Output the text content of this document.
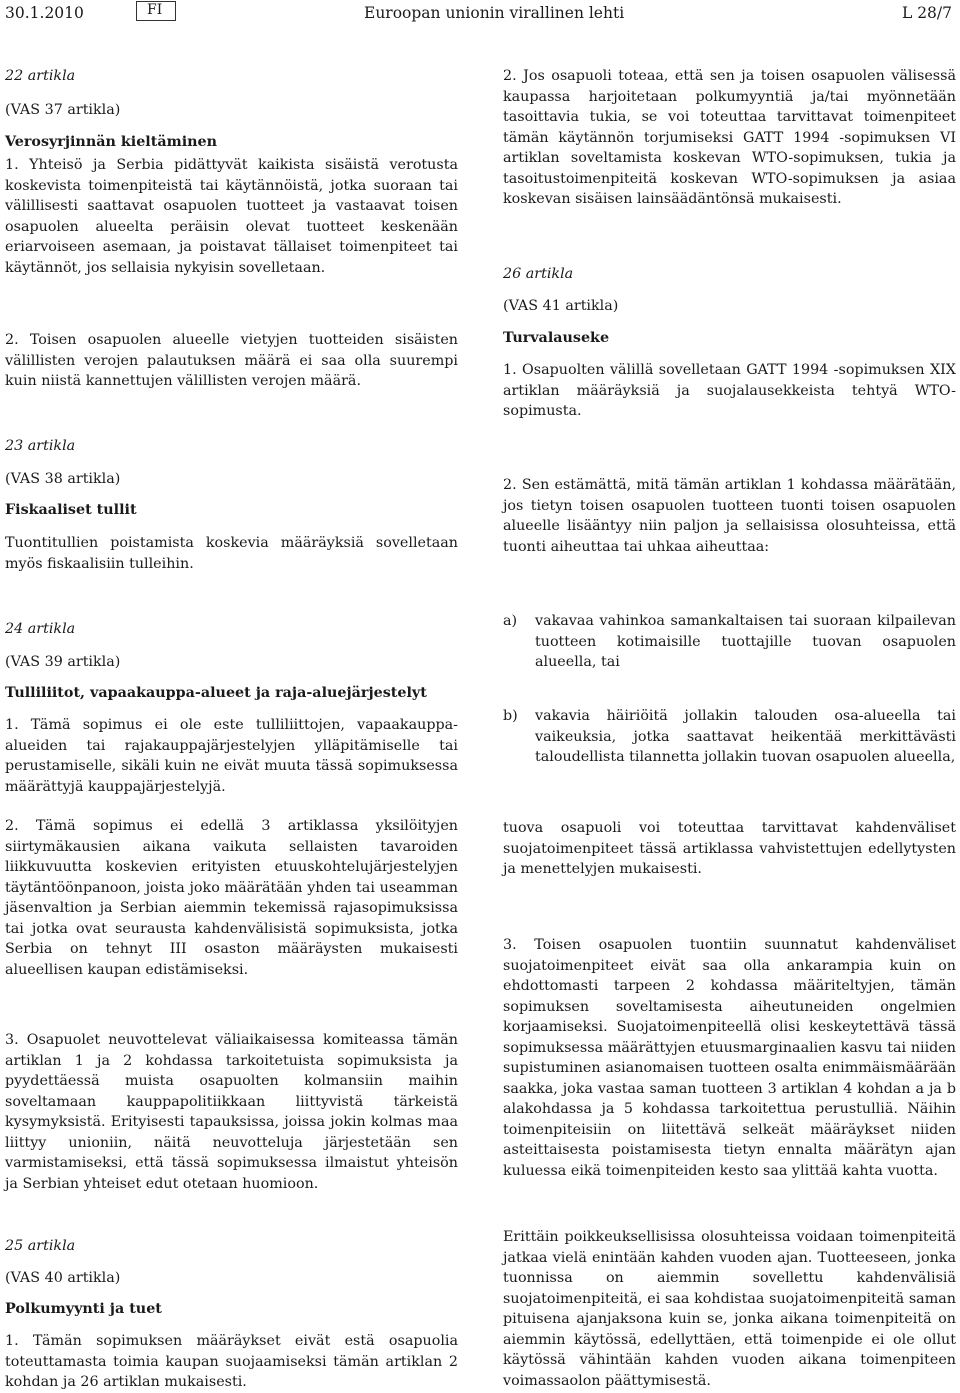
30.1.2010	FI	Euroopan unionin virallinen lehti	L 28/7

22 artikla

(VAS 37 artikla)

Verosyrjinnän kieltäminen

1. Yhteisö ja Serbia pidättyvät kaikista sisäistä verotusta koskevista toimenpiteistä tai käytännöistä, jotka suoraan tai välillisesti saattavat osapuolen tuotteet ja vastaavat toisen osapuolen alueelta peräisin olevat tuotteet keskenään eriarvoiseen asemaan, ja poistavat tällaiset toimenpiteet tai käytännöt, jos sellaisia nykyisin sovelletaan.

2. Toisen osapuolen alueelle vietyjen tuotteiden sisäisten välillisten verojen palautuksen määrä ei saa olla suurempi kuin niistä kannettujen välillisten verojen määrä.

23 artikla

(VAS 38 artikla)

Fiskaaliset tullit

Tuontitullien poistamista koskevia määräyksiä sovelletaan myös fiskaalisiin tulleihin.

24 artikla

(VAS 39 artikla)

Tulliliitot, vapaakauppa-alueet ja raja-aluejärjestelyt

1. Tämä sopimus ei ole este tulliliittojen, vapaakauppa-alueiden tai rajakauppajärjestelyjen ylläpitämiselle tai perustamiselle, sikäli kuin ne eivät muuta tässä sopimuksessa määrättyjä kauppajärjestelyjä.

2. Tämä sopimus ei edellä 3 artiklassa yksilöityjen siirtymäkausien aikana vaikuta sellaisten tavaroiden liikkuvuutta koskevien erityisten etuuskohtelujärjestelyjen täytäntöönpanoon, joista joko määrätään yhden tai useamman jäsenvaltion ja Serbian aiemmin tekemissä rajasopimuksissa tai jotka ovat seurausta kahdenvälisistä sopimuksista, jotka Serbia on tehnyt III osaston määräysten mukaisesti alueellisen kaupan edistämiseksi.

3. Osapuolet neuvottelevat väliaikaisessa komiteassa tämän artiklan 1 ja 2 kohdassa tarkoitetuista sopimuksista ja pyydettäessä muista osapuolten kolmansiin maihin soveltamaan kauppapolitiikkaan liittyvistä tärkeistä kysymyksistä. Erityisesti tapauksissa, joissa jokin kolmas maa liittyy unioniin, näitä neuvotteluja järjestetään sen varmistamiseksi, että tässä sopimuksessa ilmaistut yhteisön ja Serbian yhteiset edut otetaan huomioon.

25 artikla

(VAS 40 artikla)

Polkumyynti ja tuet

1. Tämän sopimuksen määräykset eivät estä osapuolia toteuttamasta toimia kaupan suojaamiseksi tämän artiklan 2 kohdan ja 26 artiklan mukaisesti.

2. Jos osapuoli toteaa, että sen ja toisen osapuolen välisessä kaupassa harjoitetaan polkumyyntiä ja/tai myönnetään tasoittavia tukia, se voi toteuttaa tarvittavat toimenpiteet tämän käytännön torjumiseksi GATT 1994 -sopimuksen VI artiklan soveltamista koskevan WTO-sopimuksen, tukia ja tasoitustoimenpiteitä koskevan WTO-sopimuksen ja asiaa koskevan sisäisen lainsäädäntönsä mukaisesti.

26 artikla

(VAS 41 artikla)

Turvalauseke

1. Osapuolten välillä sovelletaan GATT 1994 -sopimuksen XIX artiklan määräyksiä ja suojalausekkeista tehtyä WTO-sopimusta.

2. Sen estämättä, mitä tämän artiklan 1 kohdassa määrätään, jos tietyn toisen osapuolen tuotteen tuonti toisen osapuolen alueelle lisääntyy niin paljon ja sellaisissa olosuhteissa, että tuonti aiheuttaa tai uhkaa aiheuttaa:

a) vakavaa vahinkoa samankaltaisen tai suoraan kilpailevan tuotteen kotimaisille tuottajille tuovan osapuolen alueella, tai
b) vakavia häiriöitä jollakin talouden osa-alueella tai vaikeuksia, jotka saattavat heikentää merkittävästi taloudellista tilannetta jollakin tuovan osapuolen alueella,

tuova osapuoli voi toteuttaa tarvittavat kahdenväliset suojatoimenpiteet tässä artiklassa vahvistettujen edellytysten ja menettelyjen mukaisesti.

3. Toisen osapuolen tuontiin suunnatut kahdenväliset suojatoimenpiteet eivät saa olla ankarampia kuin on ehdottomasti tarpeen 2 kohdassa määriteltyjen, tämän sopimuksen soveltamisesta aiheutuneiden ongelmien korjaamiseksi. Suojatoimenpiteellä olisi keskeytettävä tässä sopimuksessa määrättyjen etuusmarginaalien kasvu tai niiden supistuminen asianomaisen tuotteen osalta enimmäismäärään saakka, joka vastaa saman tuotteen 3 artiklan 4 kohdan a ja b alakohdassa ja 5 kohdassa tarkoitettua perustulliä. Näihin toimenpiteisiin on liitettävä selkeät määräykset niiden asteittaisesta poistamisesta tietyn ennalta määrätyn ajan kuluessa eikä toimenpiteiden kesto saa ylittää kahta vuotta.

Erittäin poikkeuksellisissa olosuhteissa voidaan toimenpiteitä jatkaa vielä enintään kahden vuoden ajan. Tuotteeseen, jonka tuonnissa on aiemmin sovellettu kahdenvälisiä suojatoimenpiteitä, ei saa kohdistaa suojatoimenpiteitä saman pituisena ajanjaksona kuin se, jonka aikana toimenpiteitä on aiemmin käytössä, edellyttäen, että toimenpide ei ole ollut käytössä vähintään kahden vuoden aikana toimenpiteen voimassaolon päättymisestä.
